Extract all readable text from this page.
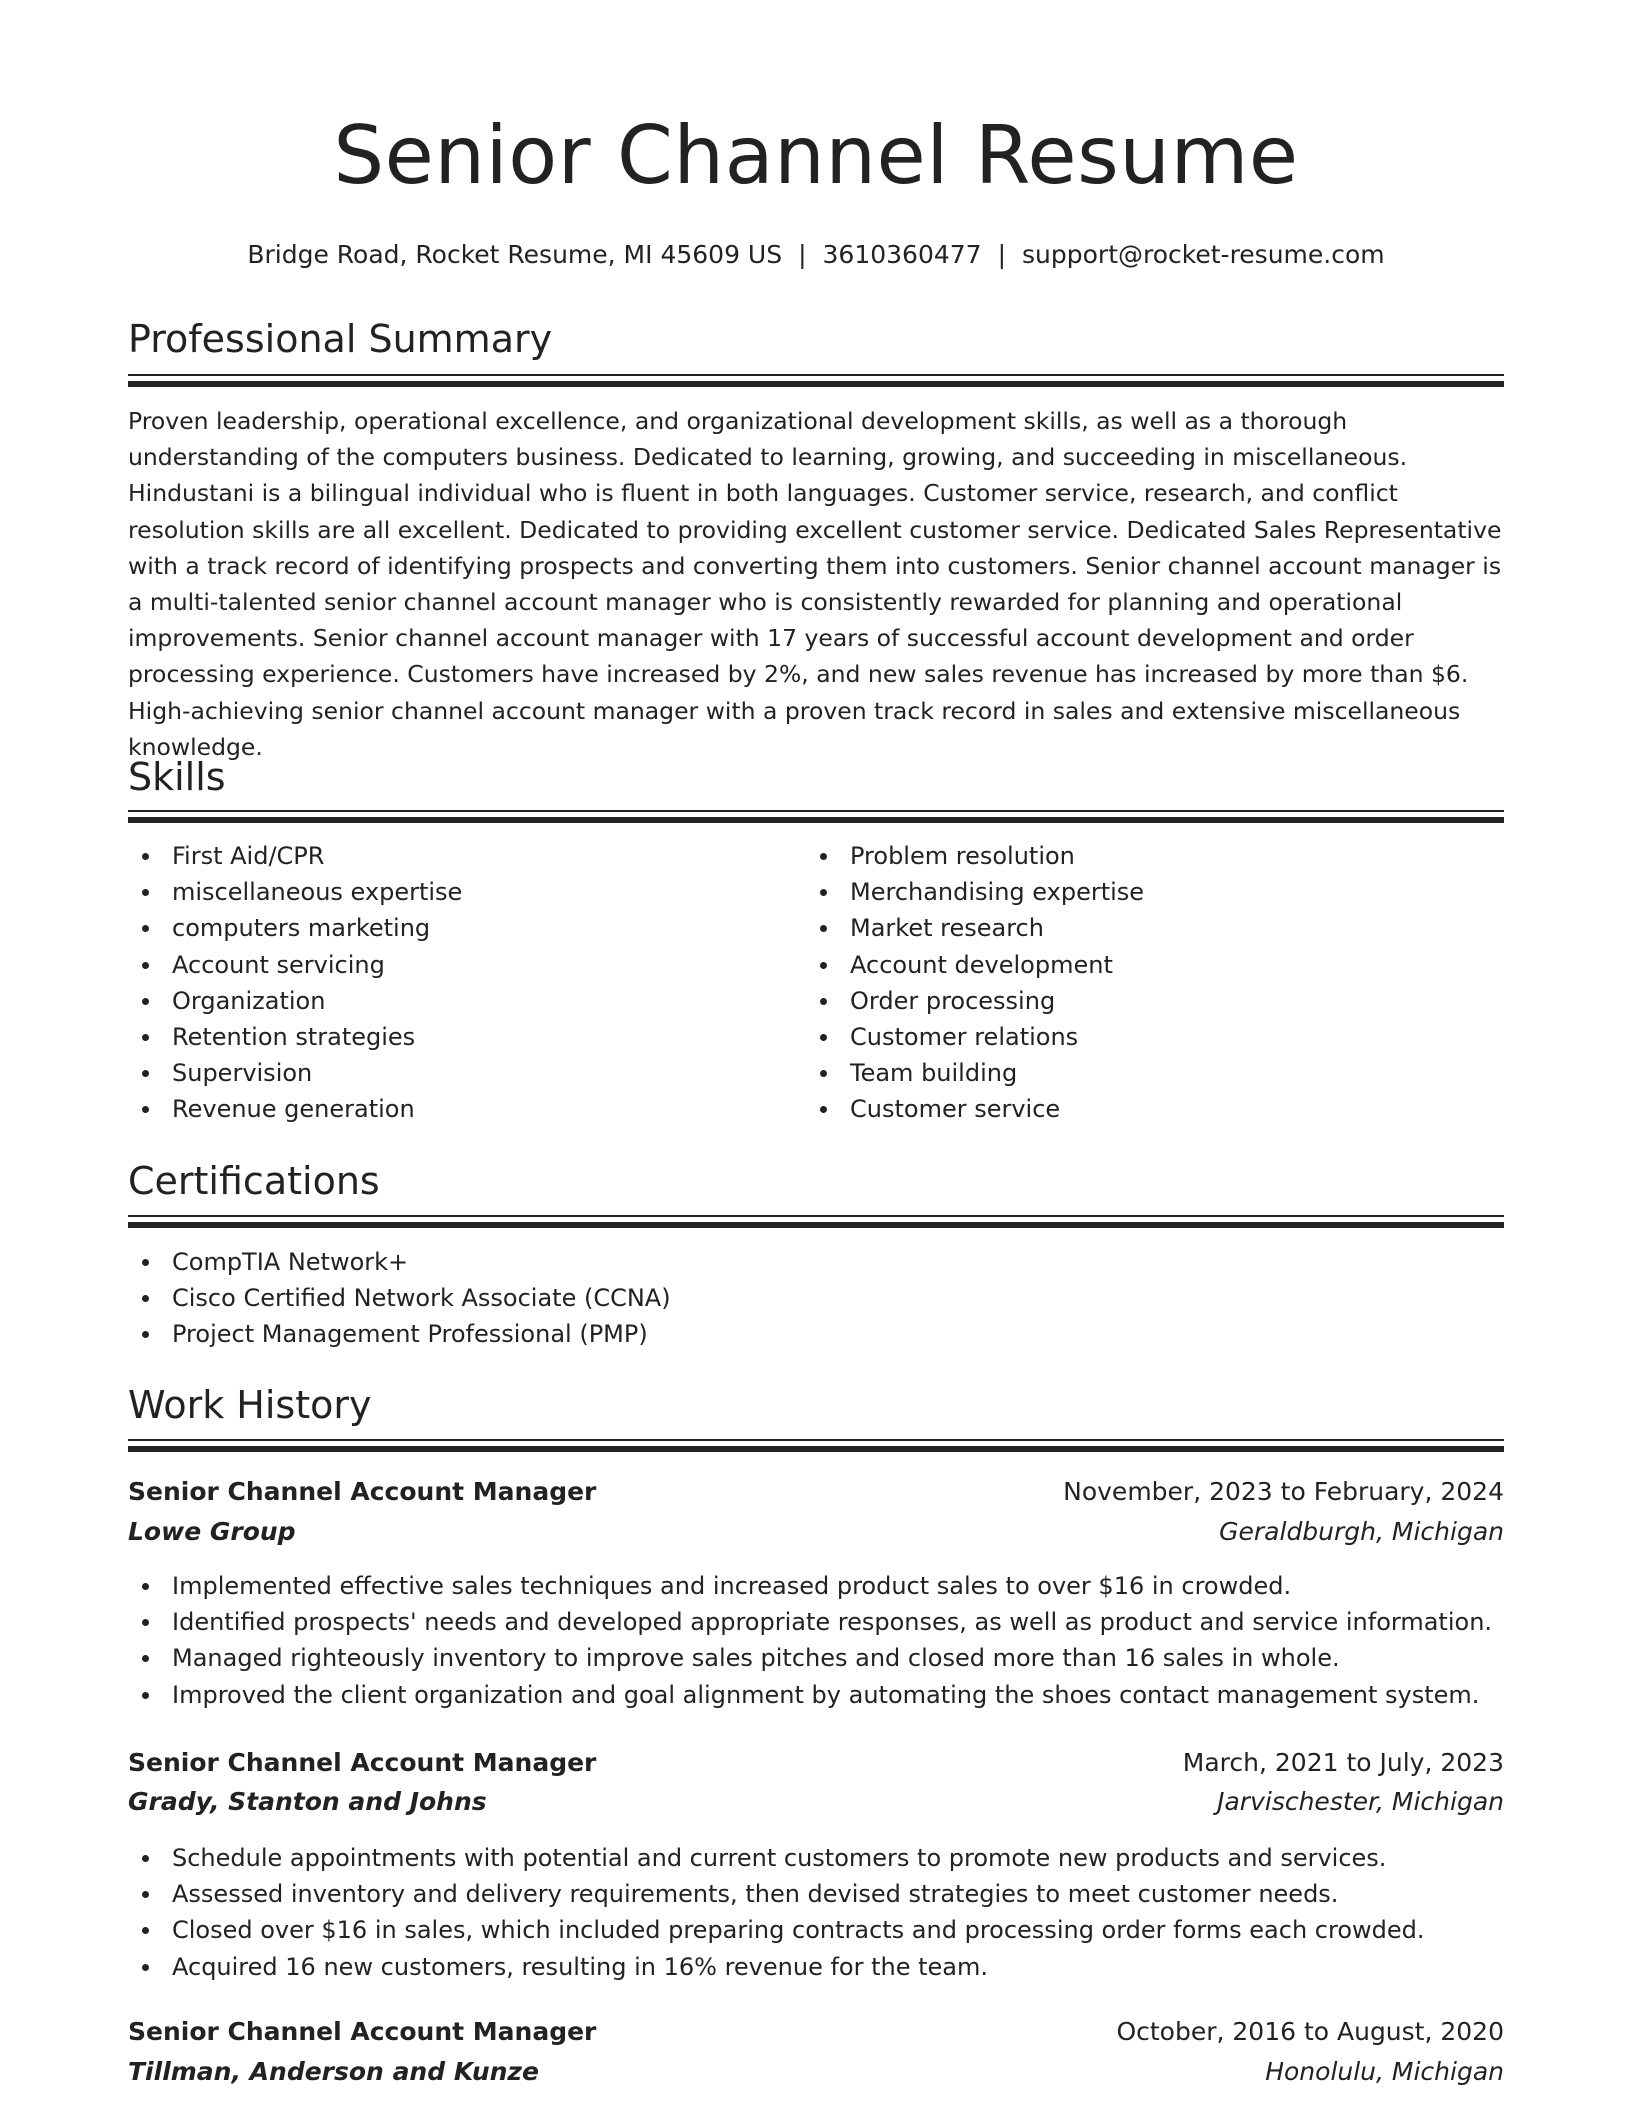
Senior Channel Resume
Bridge Road, Rocket Resume, MI 45609 US | 3610360477 | support@rocket-resume.com
Professional Summary
Proven leadership, operational excellence, and organizational development skills, as well as a thorough understanding of the computers business. Dedicated to learning, growing, and succeeding in miscellaneous. Hindustani is a bilingual individual who is fluent in both languages. Customer service, research, and conflict resolution skills are all excellent. Dedicated to providing excellent customer service. Dedicated Sales Representative with a track record of identifying prospects and converting them into customers. Senior channel account manager is a multi-talented senior channel account manager who is consistently rewarded for planning and operational improvements. Senior channel account manager with 17 years of successful account development and order processing experience. Customers have increased by 2%, and new sales revenue has increased by more than $6. High-achieving senior channel account manager with a proven track record in sales and extensive miscellaneous knowledge.
Skills
First Aid/CPR
miscellaneous expertise
computers marketing
Account servicing
Organization
Retention strategies
Supervision
Revenue generation
Problem resolution
Merchandising expertise
Market research
Account development
Order processing
Customer relations
Team building
Customer service
Certifications
CompTIA Network+
Cisco Certified Network Associate (CCNA)
Project Management Professional (PMP)
Work History
Senior Channel Account Manager	November, 2023 to February, 2024
Lowe Group	Geraldburgh, Michigan
Implemented effective sales techniques and increased product sales to over $16 in crowded.
Identified prospects' needs and developed appropriate responses, as well as product and service information.
Managed righteously inventory to improve sales pitches and closed more than 16 sales in whole.
Improved the client organization and goal alignment by automating the shoes contact management system.
Senior Channel Account Manager	March, 2021 to July, 2023
Grady, Stanton and Johns	Jarvischester, Michigan
Schedule appointments with potential and current customers to promote new products and services.
Assessed inventory and delivery requirements, then devised strategies to meet customer needs.
Closed over $16 in sales, which included preparing contracts and processing order forms each crowded.
Acquired 16 new customers, resulting in 16% revenue for the team.
Senior Channel Account Manager	October, 2016 to August, 2020
Tillman, Anderson and Kunze	Honolulu, Michigan
